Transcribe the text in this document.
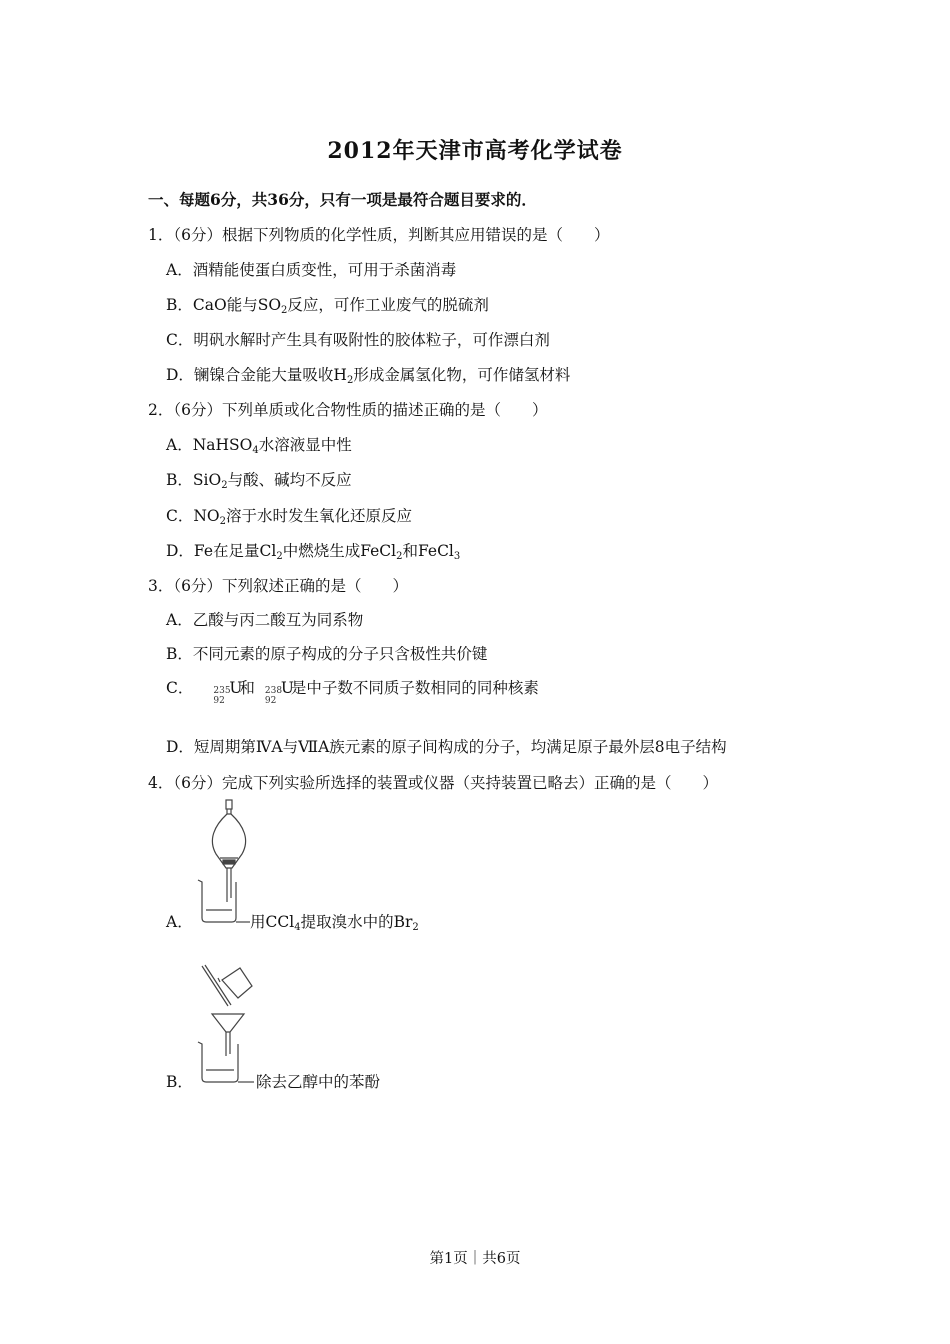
2012年天津市高考化学试卷
一、每题6分，共36分，只有一项是最符合题目要求的．
1．（6分）根据下列物质的化学性质，判断其应用错误的是（　　）
A．酒精能使蛋白质变性，可用于杀菌消毒
B．CaO能与$SO_2$反应，可作工业废气的脱硫剂
C．明矾水解时产生具有吸附性的胶体粒子，可作漂白剂
D．镧镍合金能大量吸收$H_2$形成金属氢化物，可作储氢材料
2．（6分）下列单质或化合物性质的描述正确的是（　　）
A．NaHSO$_4$水溶液显中性
B．SiO$_2$与酸、碱均不反应
C．$NO_2$溶于水时发生氧化还原反应
D．Fe在足量$Cl_2$中燃烧生成FeCl$_2$和FeCl$_3$
3．（6分）下列叙述正确的是（　　）
A．乙酸与丙二酸互为同系物
B．不同元素的原子构成的分子只含极性共价键
C． 235
92
U
和 238
92
U
是中子数不同质子数相同的同种核素
D．短周期第ⅣA与ⅦA族元素的原子间构成的分子，均满足原子最外层8电子结构
4．（6分）完成下列实验所选择的装置或仪器（夹持装置已略去）正确的是（　　）
A．	用CCl$_4$提取溴水中的$Br_2$
B．	除去乙醇中的苯酚
第1页｜共6页
